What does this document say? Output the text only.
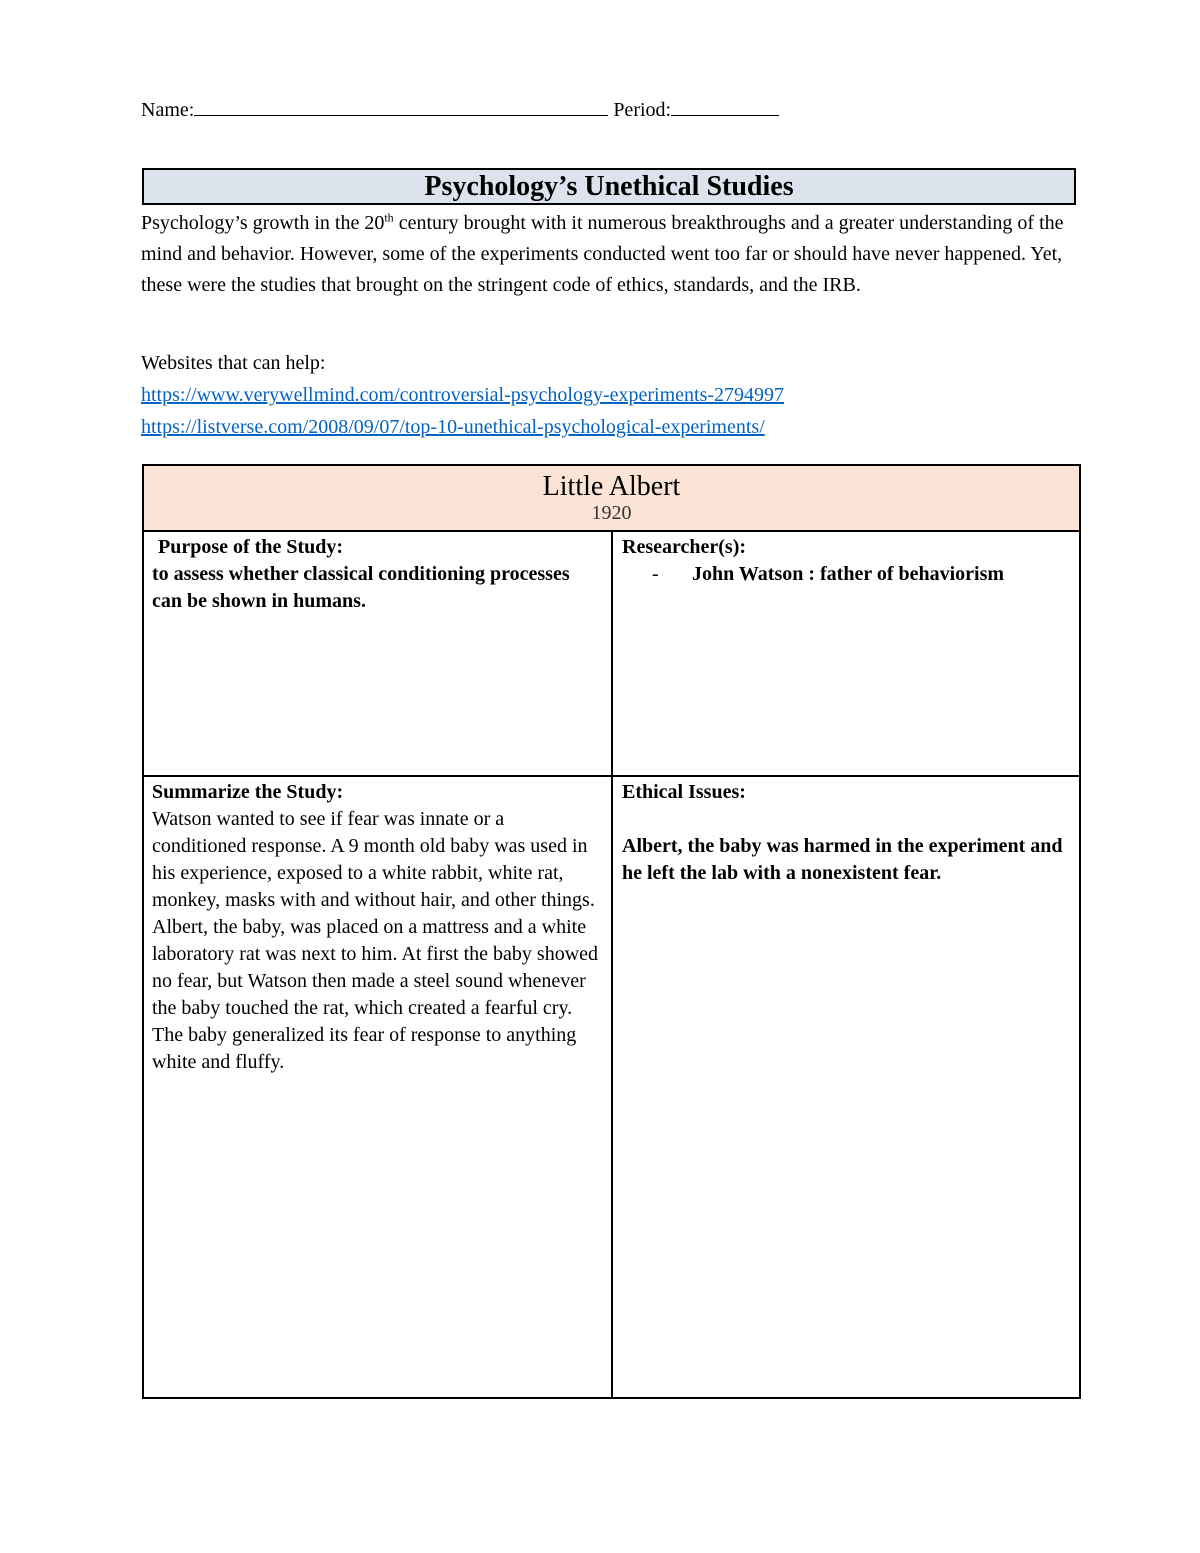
Name:	Period:
Psychology’s Unethical Studies
Psychology’s growth in the 20th century brought with it numerous breakthroughs and a greater understanding of the mind and behavior. However, some of the experiments conducted went too far or should have never happened. Yet, these were the studies that brought on the stringent code of ethics, standards, and the IRB.
Websites that can help:
https://www.verywellmind.com/controversial-psychology-experiments-2794997
https://listverse.com/2008/09/07/top-10-unethical-psychological-experiments/
Little Albert
1920
Purpose of the Study:
to assess whether classical conditioning processes can be shown in humans.
Researcher(s):
-	John Watson : father of behaviorism
Summarize the Study:
Watson wanted to see if fear was innate or a conditioned response. A 9 month old baby was used in his experience, exposed to a white rabbit, white rat, monkey, masks with and without hair, and other things. Albert, the baby, was placed on a mattress and a white laboratory rat was next to him. At first the baby showed no fear, but Watson then made a steel sound whenever the baby touched the rat, which created a fearful cry. The baby generalized its fear of response to anything white and fluffy.
Ethical Issues:
Albert, the baby was harmed in the experiment and he left the lab with a nonexistent fear.
